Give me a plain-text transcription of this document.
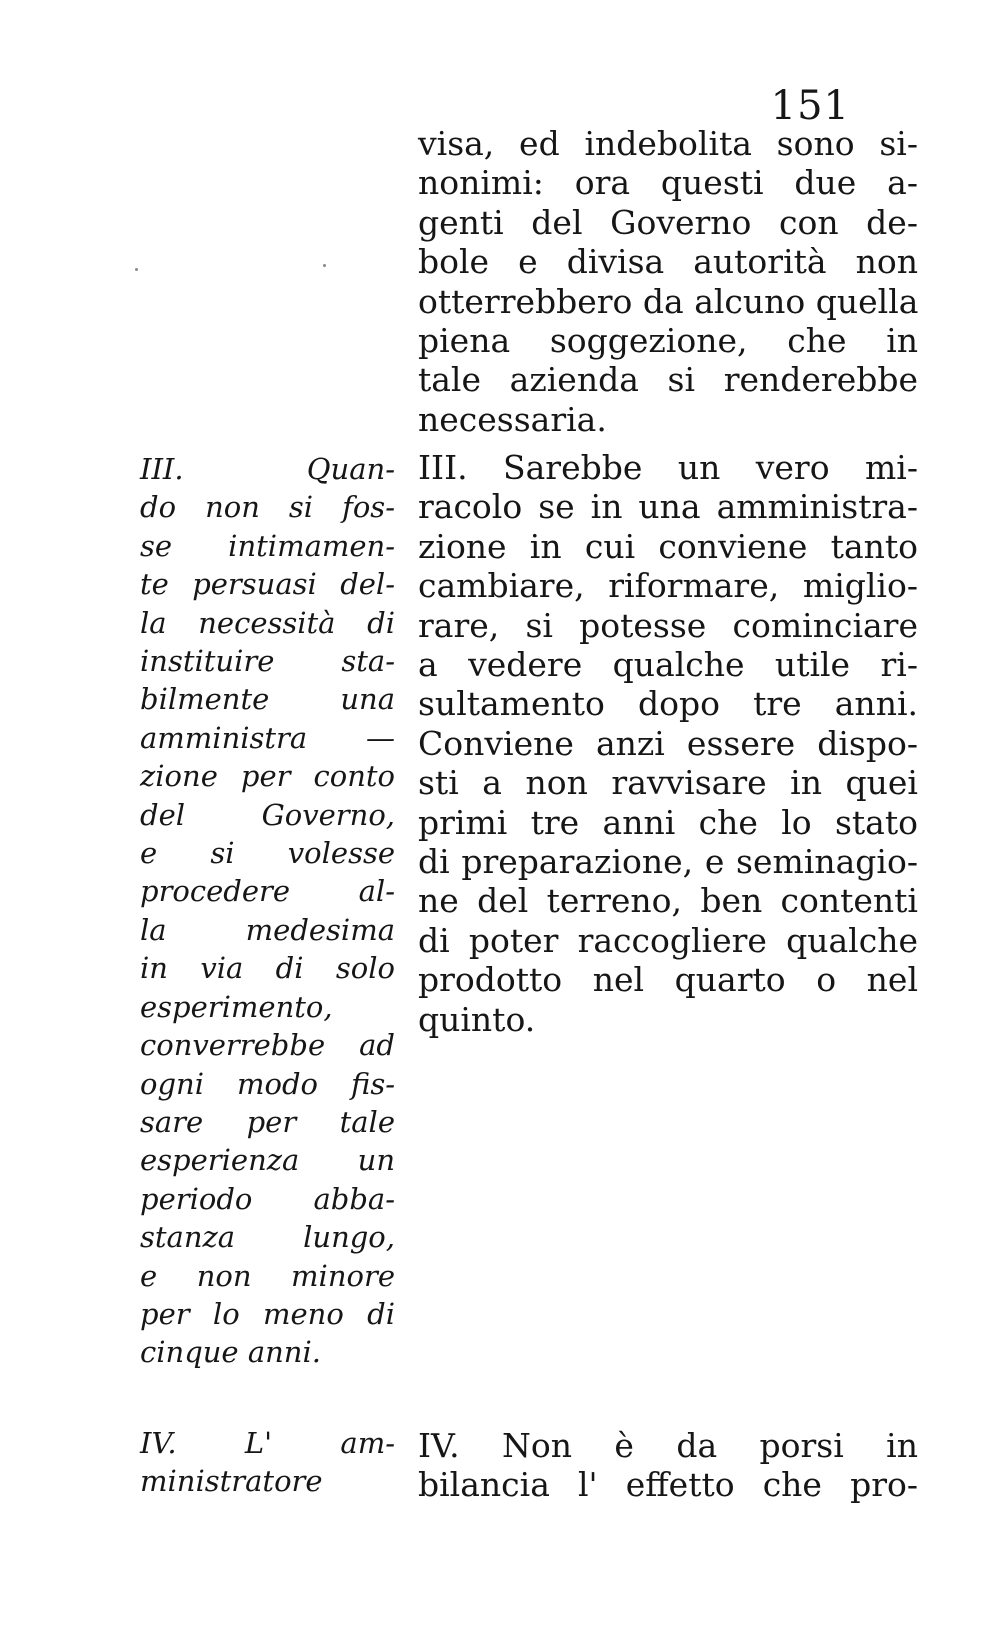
151
visa, ed indebolita sono si-
nonimi: ora questi due a-
genti del Governo con de-
bole e divisa autorità non
otterrebbero da alcuno quella
piena soggezione, che in
tale azienda si renderebbe
necessaria.
III. Sarebbe un vero mi-
racolo se in una amministra-
zione in cui conviene tanto
cambiare, riformare, miglio-
rare, si potesse cominciare
a vedere qualche utile ri-
sultamento dopo tre anni.
Conviene anzi essere dispo-
sti a non ravvisare in quei
primi tre anni che lo stato
di preparazione, e seminagio-
ne del terreno, ben contenti
di poter raccogliere qualche
prodotto nel quarto o nel
quinto.
IV. Non è da porsi in
bilancia l' effetto che pro-
III. Quan-
do non si fos-
se intimamen-
te persuasi del-
la necessità di
instituire sta-
bilmente una
amministra —
zione per conto
del Governo,
e si volesse
procedere al-
la medesima
in via di solo
esperimento,
converrebbe ad
ogni modo fis-
sare per tale
esperienza un
periodo abba-
stanza lungo,
e non minore
per lo meno di
cinque anni.
IV. L' am-
ministratore
